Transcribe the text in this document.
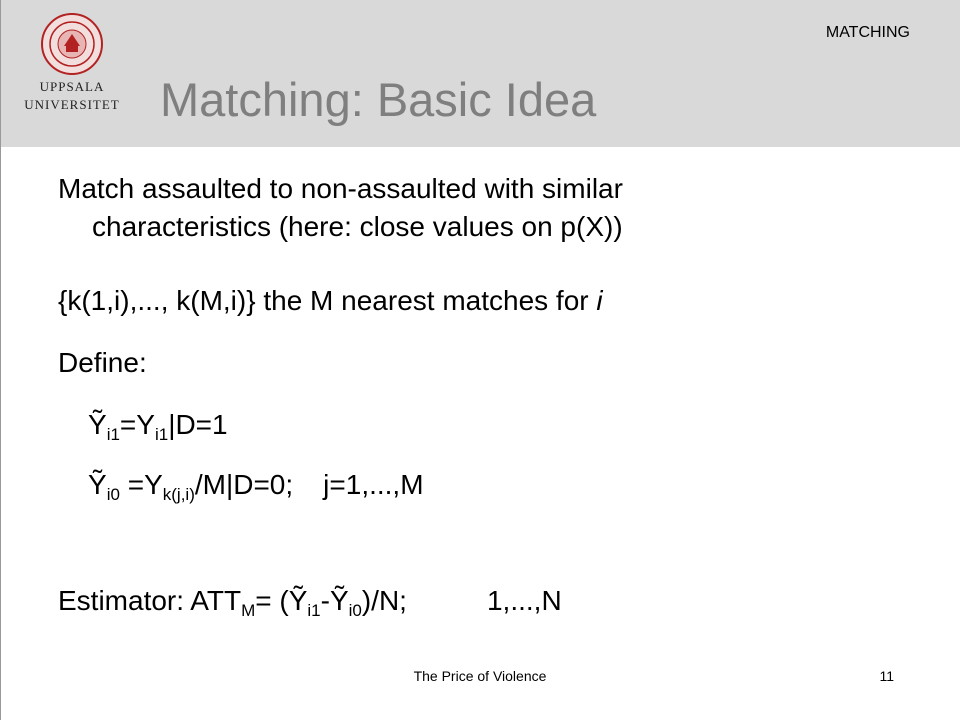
UPPSALA
UNIVERSITET
MATCHING
Matching: Basic Idea
Match assaulted to non-assaulted with similar
characteristics (here: close values on p(X))
{k(1,i),..., k(M,i)} the M nearest matches for i
Define:
$Ỹ_{i1}=Y_{i1}|D=1$
Ỹ$_{i0}$ $=Y_{k(j,i)}/M|D=0$; j=1,...,M
Estimator: $ATT_M=$ (Ỹ$_{i1}$-Ỹ$_{i0}$)/N;	1,...,N
The Price of Violence	11
